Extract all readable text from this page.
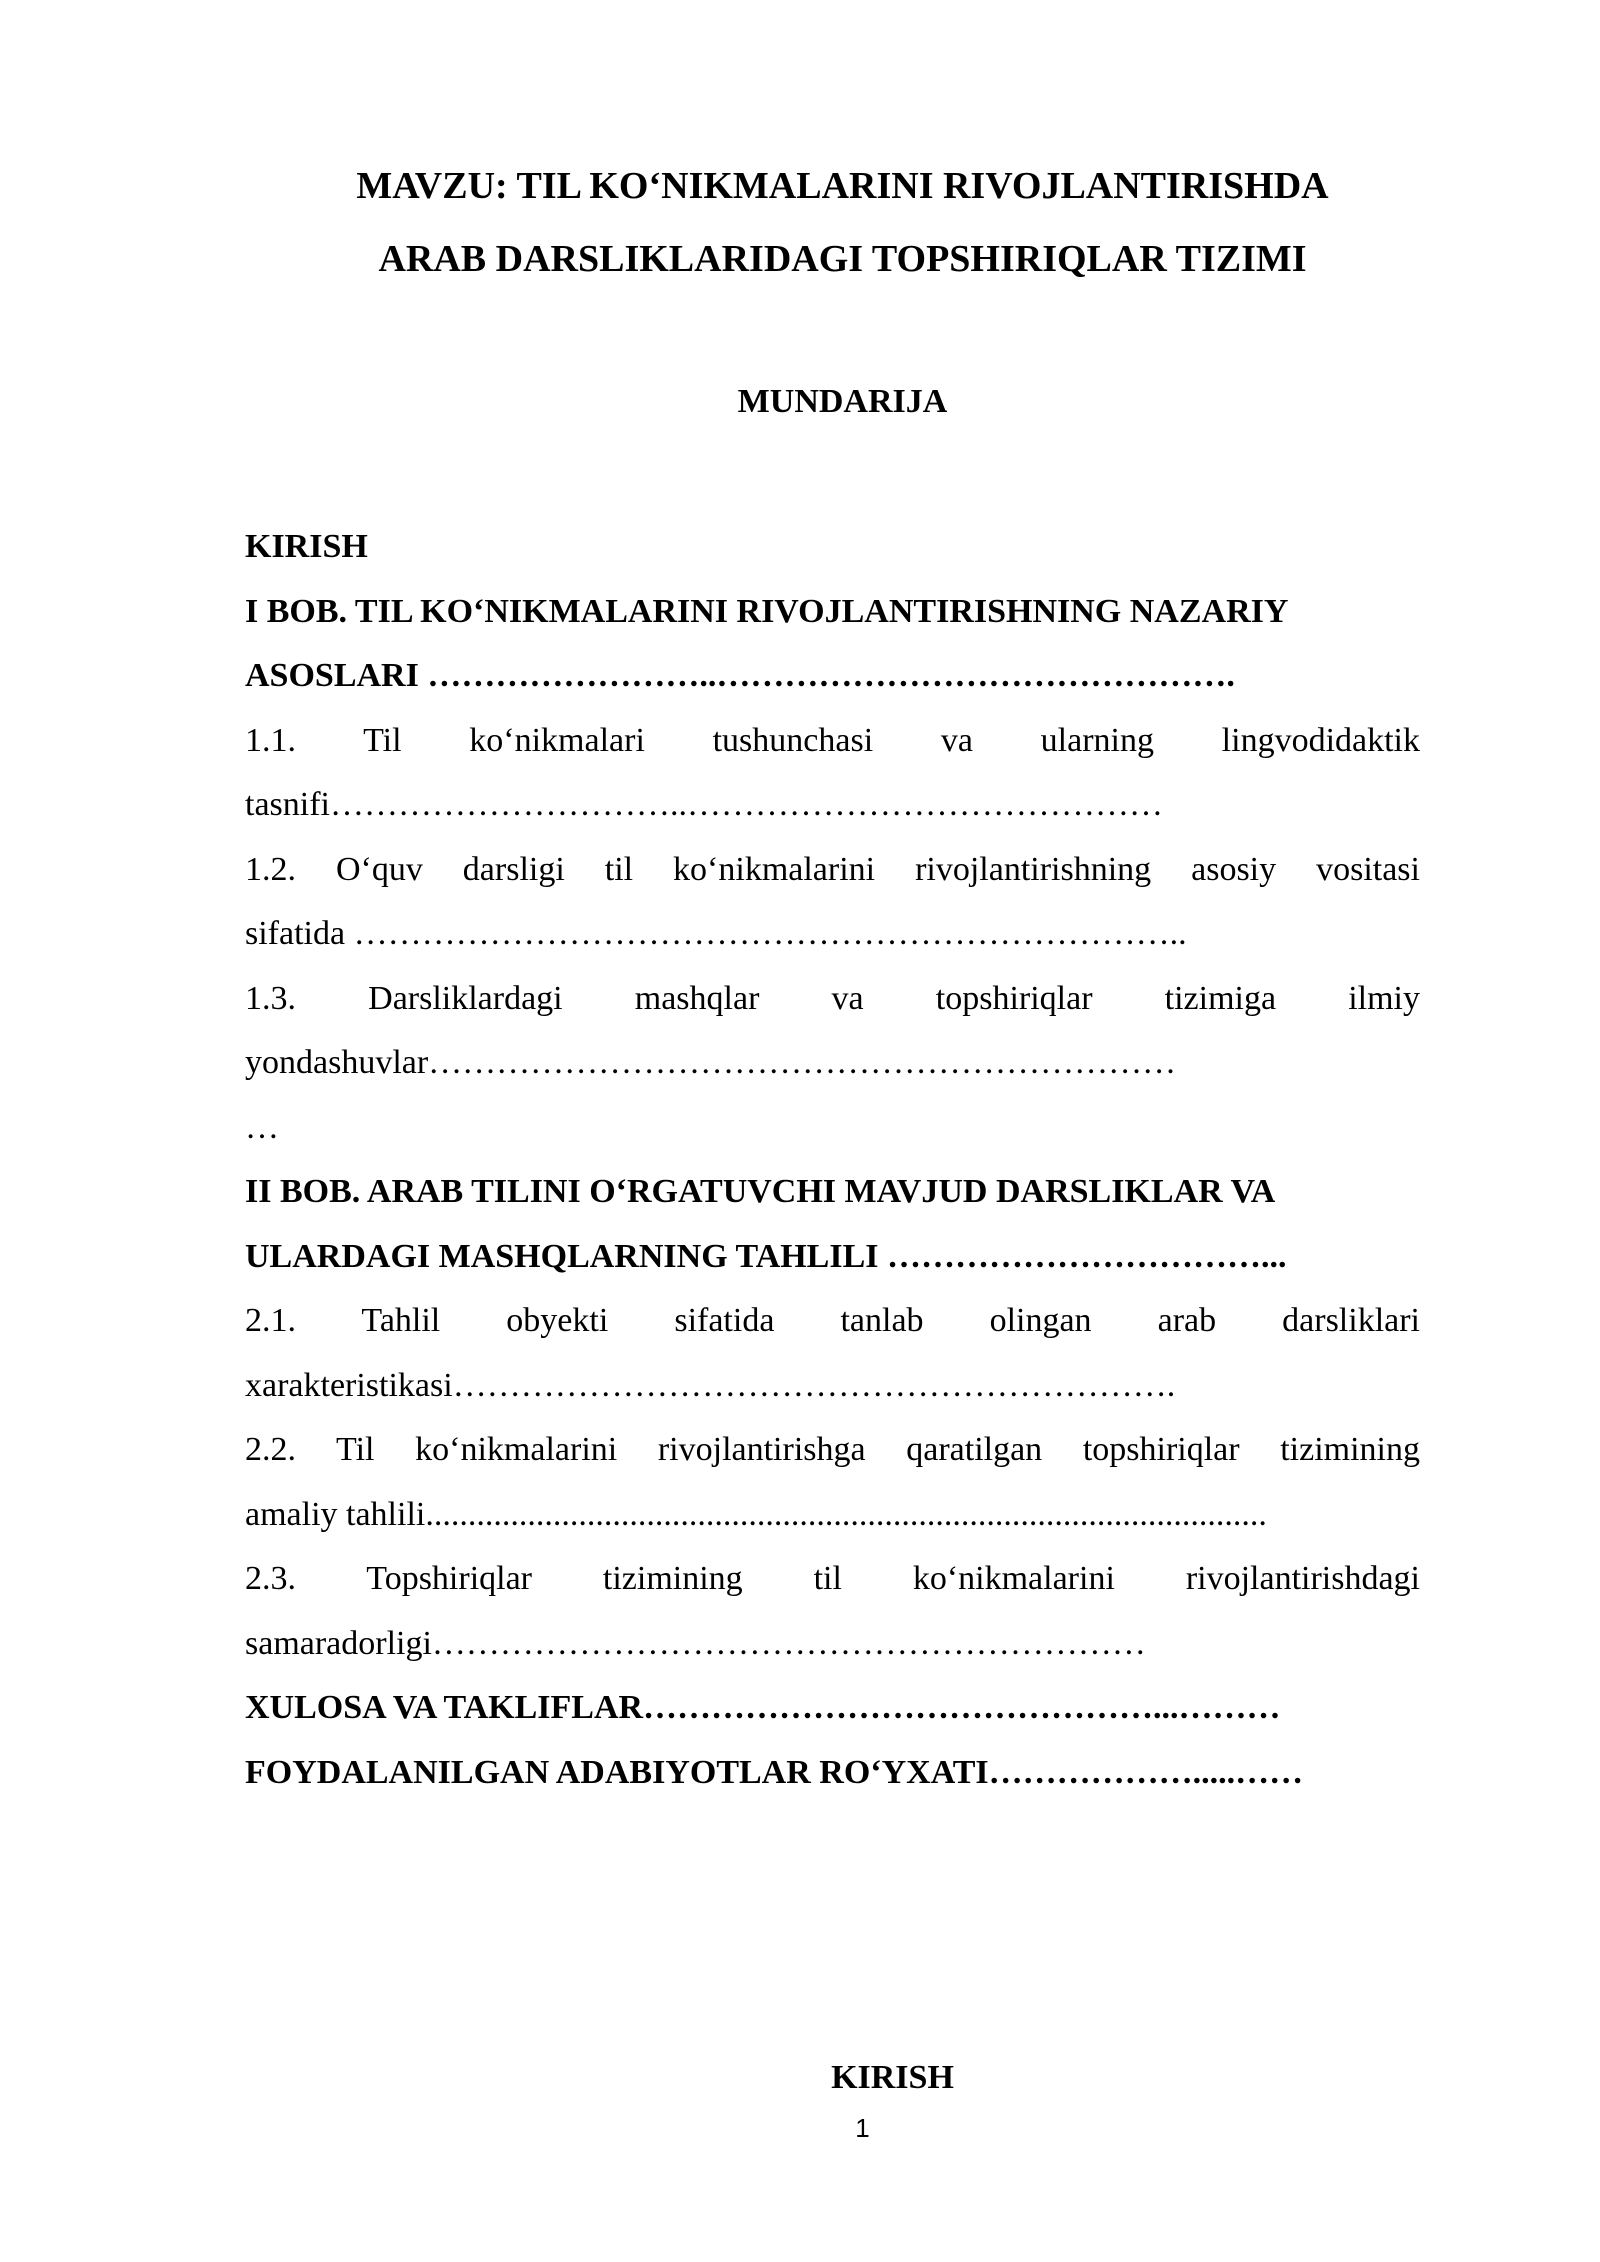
MAVZU: TIL KO‘NIKMALARINI RIVOJLANTIRISHDA
ARAB DARSLIKLARIDAGI TOPSHIRIQLAR TIZIMI
MUNDARIJA
KIRISH
I BOB. TIL KO‘NIKMALARINI RIVOJLANTIRISHNING NAZARIY
ASOSLARI ……………………..……………………………………….
1.1. Til ko‘nikmalari tushunchasi va ularning lingvodidaktik
tasnifi…………………………..……………………………………
1.2. O‘quv darsligi til ko‘nikmalarini rivojlantirishning asosiy vositasi
sifatida ………………………………………………………………..
1.3. Darsliklardagi mashqlar va topshiriqlar tizimiga ilmiy
yondashuvlar…………………………………………………………
…
II BOB. ARAB TILINI O‘RGATUVCHI MAVJUD DARSLIKLAR VA
ULARDAGI MASHQLARNING TAHLILI ……………………………...
2.1. Tahlil obyekti sifatida tanlab olingan arab darsliklari
xarakteristikasi……………………………………………………….
2.2. Til ko‘nikmalarini rivojlantirishga qaratilgan topshiriqlar tizimining
amaliy tahlili...................................................................................................
2.3. Topshiriqlar tizimining til ko‘nikmalarini rivojlantirishdagi
samaradorligi………………………………………………………
XULOSA VA TAKLIFLAR………………………………………...………
FOYDALANILGAN ADABIYOTLAR RO‘YXATI……………….....……
KIRISH
1
